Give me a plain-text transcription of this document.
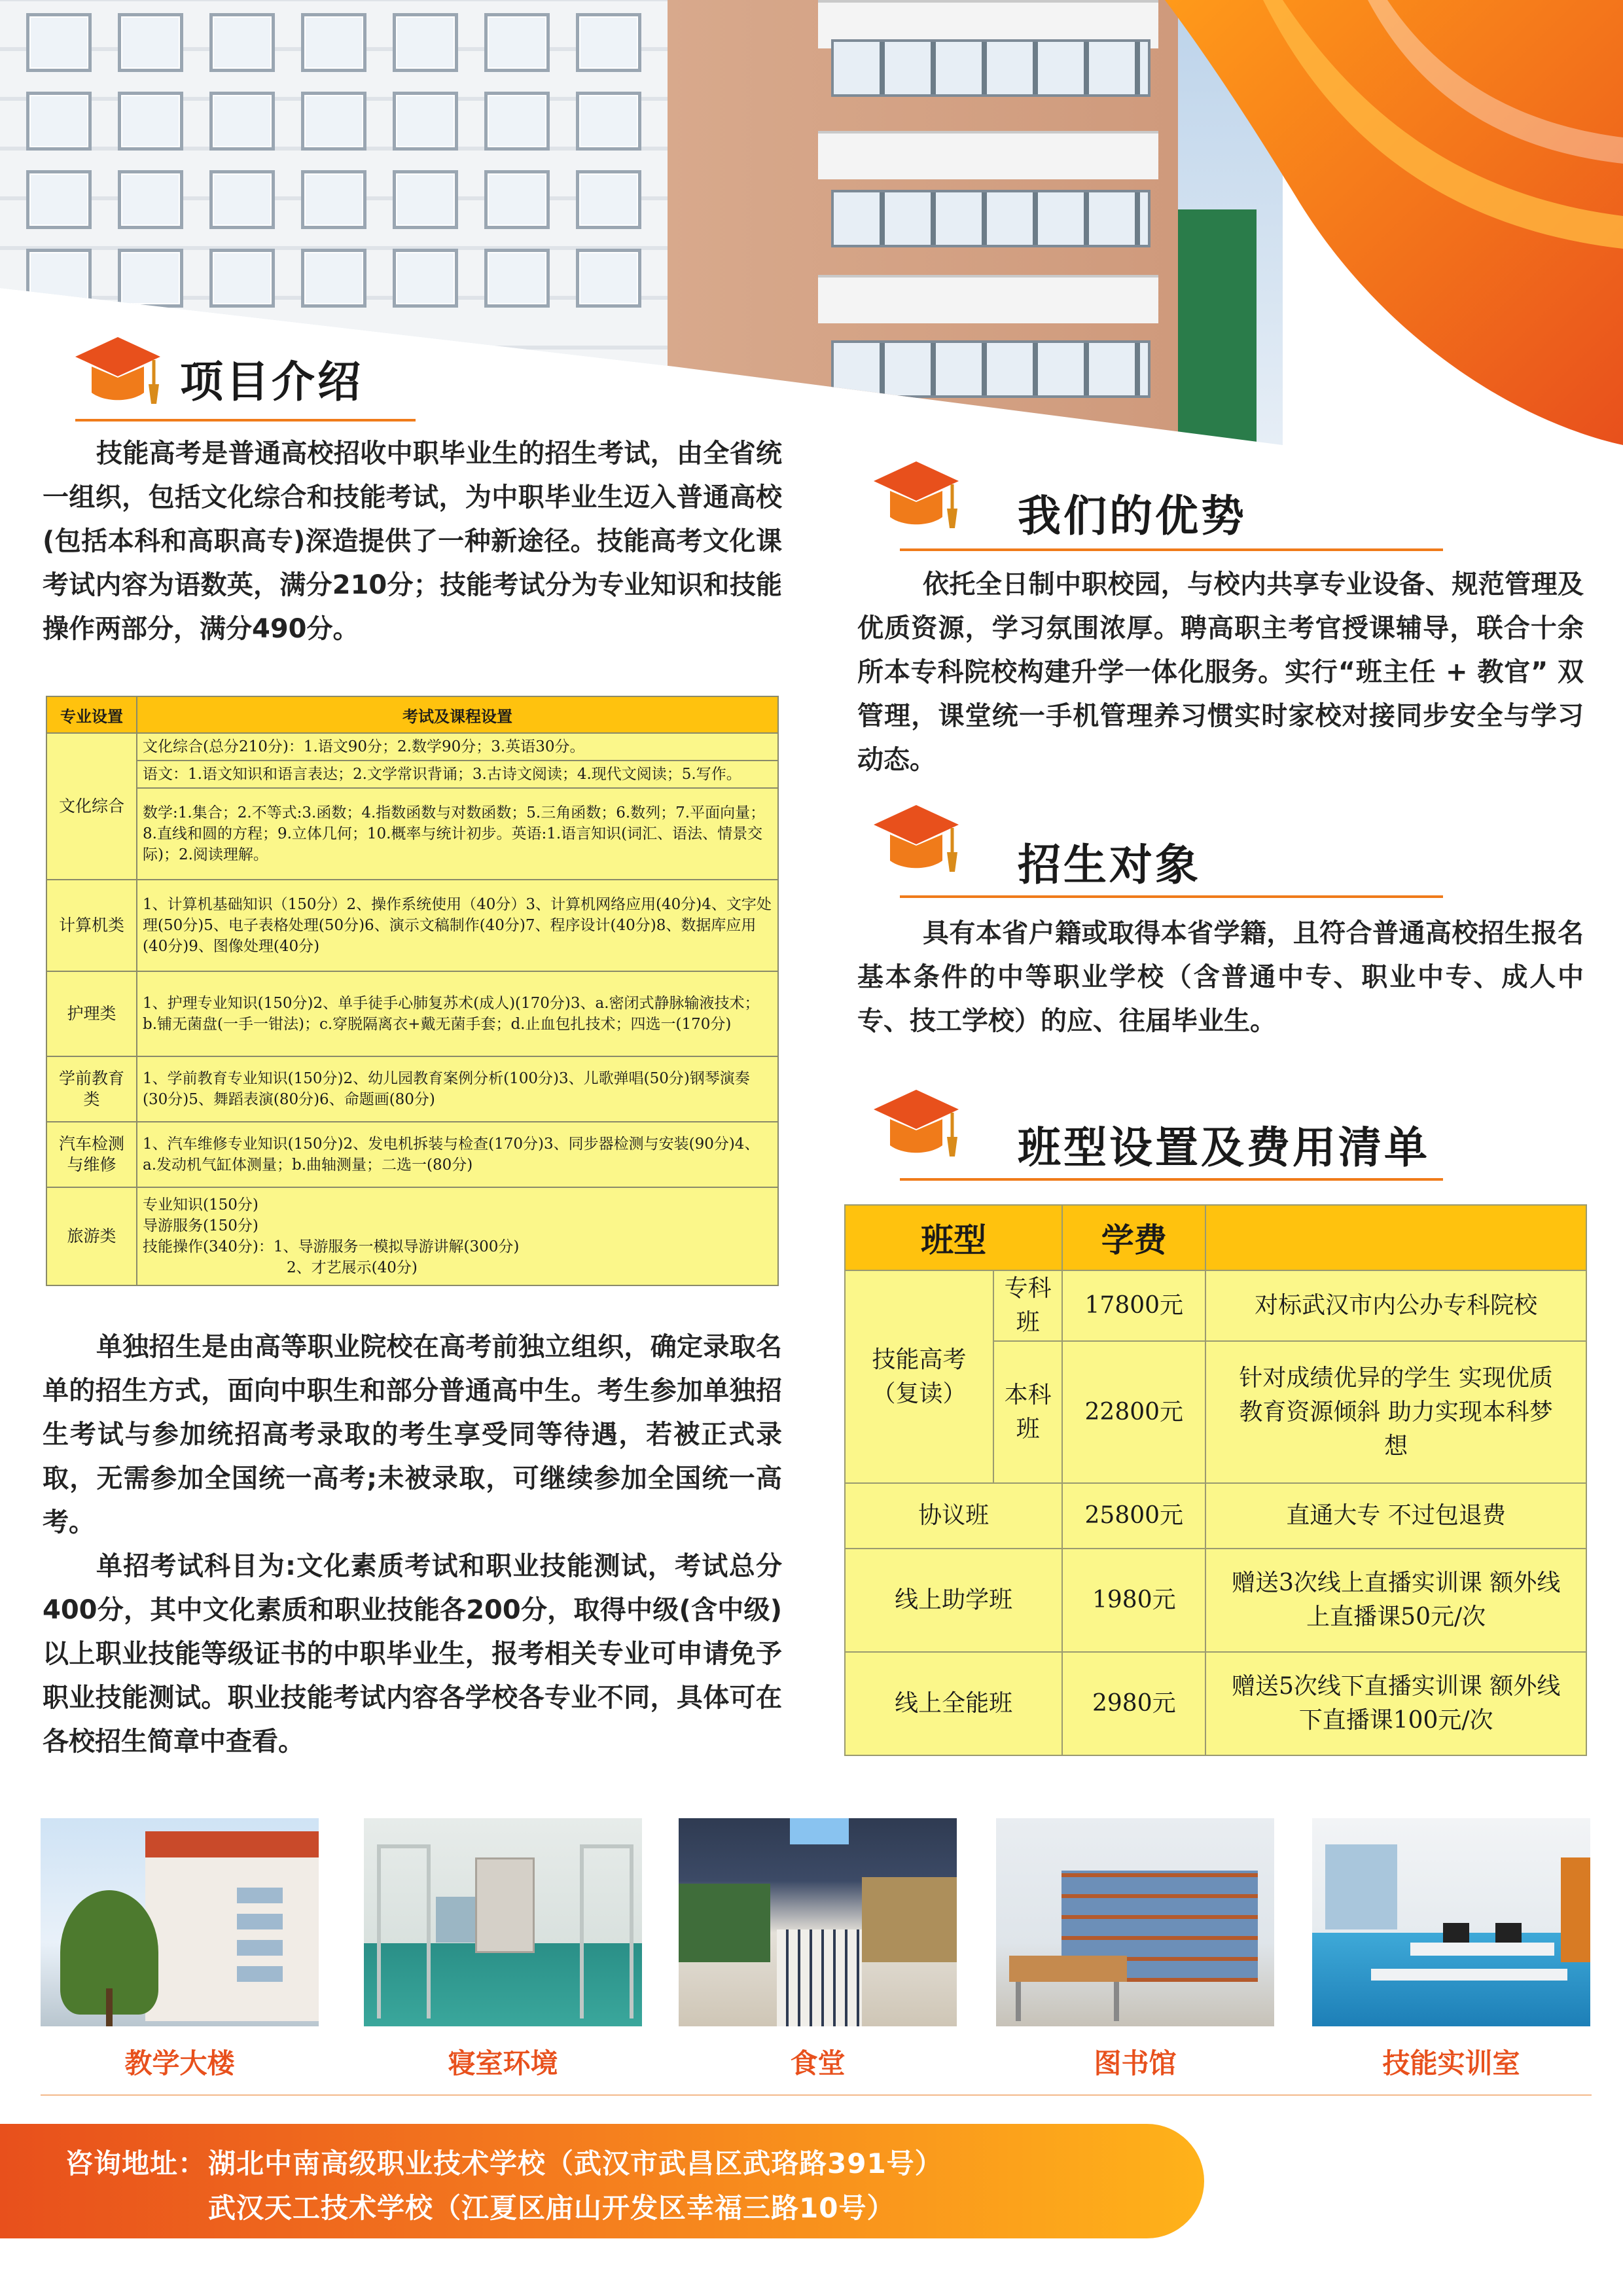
项目介绍
技能高考是普通高校招收中职毕业生的招生考试，由全省统一组织，包括文化综合和技能考试，为中职毕业生迈入普通高校(包括本科和高职高专)深造提供了一种新途径。技能高考文化课考试内容为语数英，满分210分；技能考试分为专业知识和技能操作两部分，满分490分。
我们的优势
依托全日制中职校园，与校内共享专业设备、规范管理及优质资源，学习氛围浓厚。聘高职主考官授课辅导，联合十余所本专科院校构建升学一体化服务。实行“班主任 + 教官” 双管理，课堂统一手机管理养习惯实时家校对接同步安全与学习动态。
招生对象
具有本省户籍或取得本省学籍，且符合普通高校招生报名基本条件的中等职业学校（含普通中专、职业中专、成人中专、技工学校）的应、往届毕业生。
班型设置及费用清单
专业设置	考试及课程设置
文化综合	文化综合(总分210分)：1.语文90分；2.数学90分；3.英语30分。
	语文：1.语文知识和语言表达；2.文学常识背诵；3.古诗文阅读；4.现代文阅读；5.写作。
	数学:1.集合；2.不等式:3.函数；4.指数函数与对数函数；5.三角函数；6.数列；7.平面向量；8.直线和圆的方程；9.立体几何；10.概率与统计初步。英语:1.语言知识(词汇、语法、情景交际)；2.阅读理解。
计算机类	1、计算机基础知识（150分）2、操作系统使用（40分）3、计算机网络应用(40分)4、文字处理(50分)5、电子表格处理(50分)6、演示文稿制作(40分)7、程序设计(40分)8、数据库应用(40分)9、图像处理(40分)
护理类	1、护理专业知识(150分)2、单手徒手心肺复苏术(成人)(170分)3、a.密闭式静脉输液技术；b.铺无菌盘(一手一钳法)；c.穿脱隔离衣+戴无菌手套；d.止血包扎技术；四选一(170分)
学前教育类	1、学前教育专业知识(150分)2、幼儿园教育案例分析(100分)3、儿歌弹唱(50分)钢琴演奏(30分)5、舞蹈表演(80分)6、命题画(80分)
汽车检测与维修	1、汽车维修专业知识(150分)2、发电机拆装与检查(170分)3、同步器检测与安装(90分)4、a.发动机气缸体测量；b.曲轴测量；二选一(80分)
旅游类	专业知识(150分)
导游服务(150分)
技能操作(340分)：1、导游服务一模拟导游讲解(300分)
2、才艺展示(40分)
单独招生是由高等职业院校在高考前独立组织，确定录取名单的招生方式，面向中职生和部分普通高中生。考生参加单独招生考试与参加统招高考录取的考生享受同等待遇，若被正式录取，无需参加全国统一高考;未被录取，可继续参加全国统一高考。
单招考试科目为:文化素质考试和职业技能测试，考试总分400分，其中文化素质和职业技能各200分，取得中级(含中级)以上职业技能等级证书的中职毕业生，报考相关专业可申请免予职业技能测试。职业技能考试内容各学校各专业不同，具体可在各校招生简章中查看。
班型		学费	
技能高考（复读）	专科班	17800元	对标武汉市内公办专科院校
	本科班	22800元	针对成绩优异的学生 实现优质教育资源倾斜 助力实现本科梦想
协议班		25800元	直通大专 不过包退费
线上助学班		1980元	赠送3次线上直播实训课 额外线上直播课50元/次
线上全能班		2980元	赠送5次线下直播实训课 额外线下直播课100元/次
教学大楼	寝室环境	食堂	图书馆	技能实训室
咨询地址： 湖北中南高级职业技术学校（武汉市武昌区武珞路391号）
武汉天工技术学校（江夏区庙山开发区幸福三路10号）
